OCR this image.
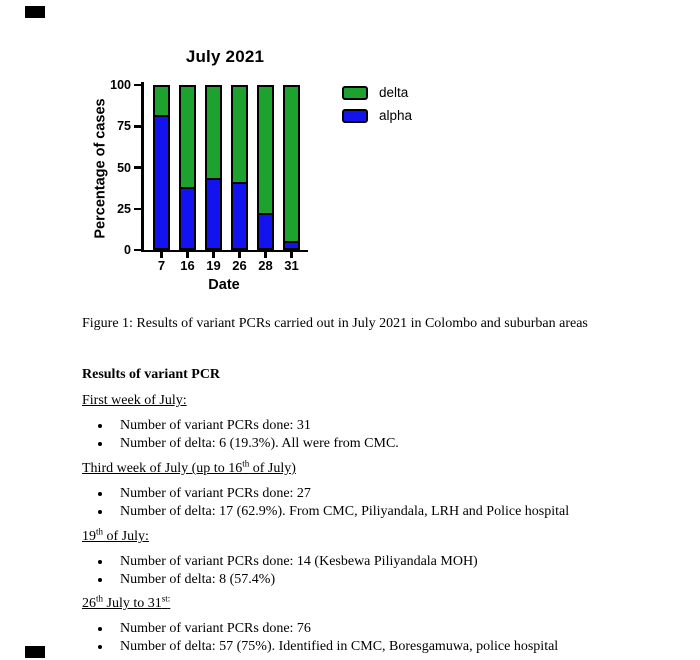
July 2021
Percentage of cases
0
25
50
75
100
7	16 19 26 28 31
Date
delta
alpha
Figure 1: Results of variant PCRs carried out in July 2021 in Colombo and suburban areas
Results of variant PCR
First week of July:
• Number of variant PCRs done: 31
• Number of delta: 6 (19.3%). All were from CMC.
Third week of July (up to 16th of July)
• Number of variant PCRs done: 27
• Number of delta: 17 (62.9%). From CMC, Piliyandala, LRH and Police hospital
19th of July:
• Number of variant PCRs done: 14 (Kesbewa Piliyandala MOH)
• Number of delta: 8 (57.4%)
26th July to $31^{st:}$
• Number of variant PCRs done: 76
• Number of delta: 57 (75%). Identified in CMC, Boresgamuwa, police hospital
